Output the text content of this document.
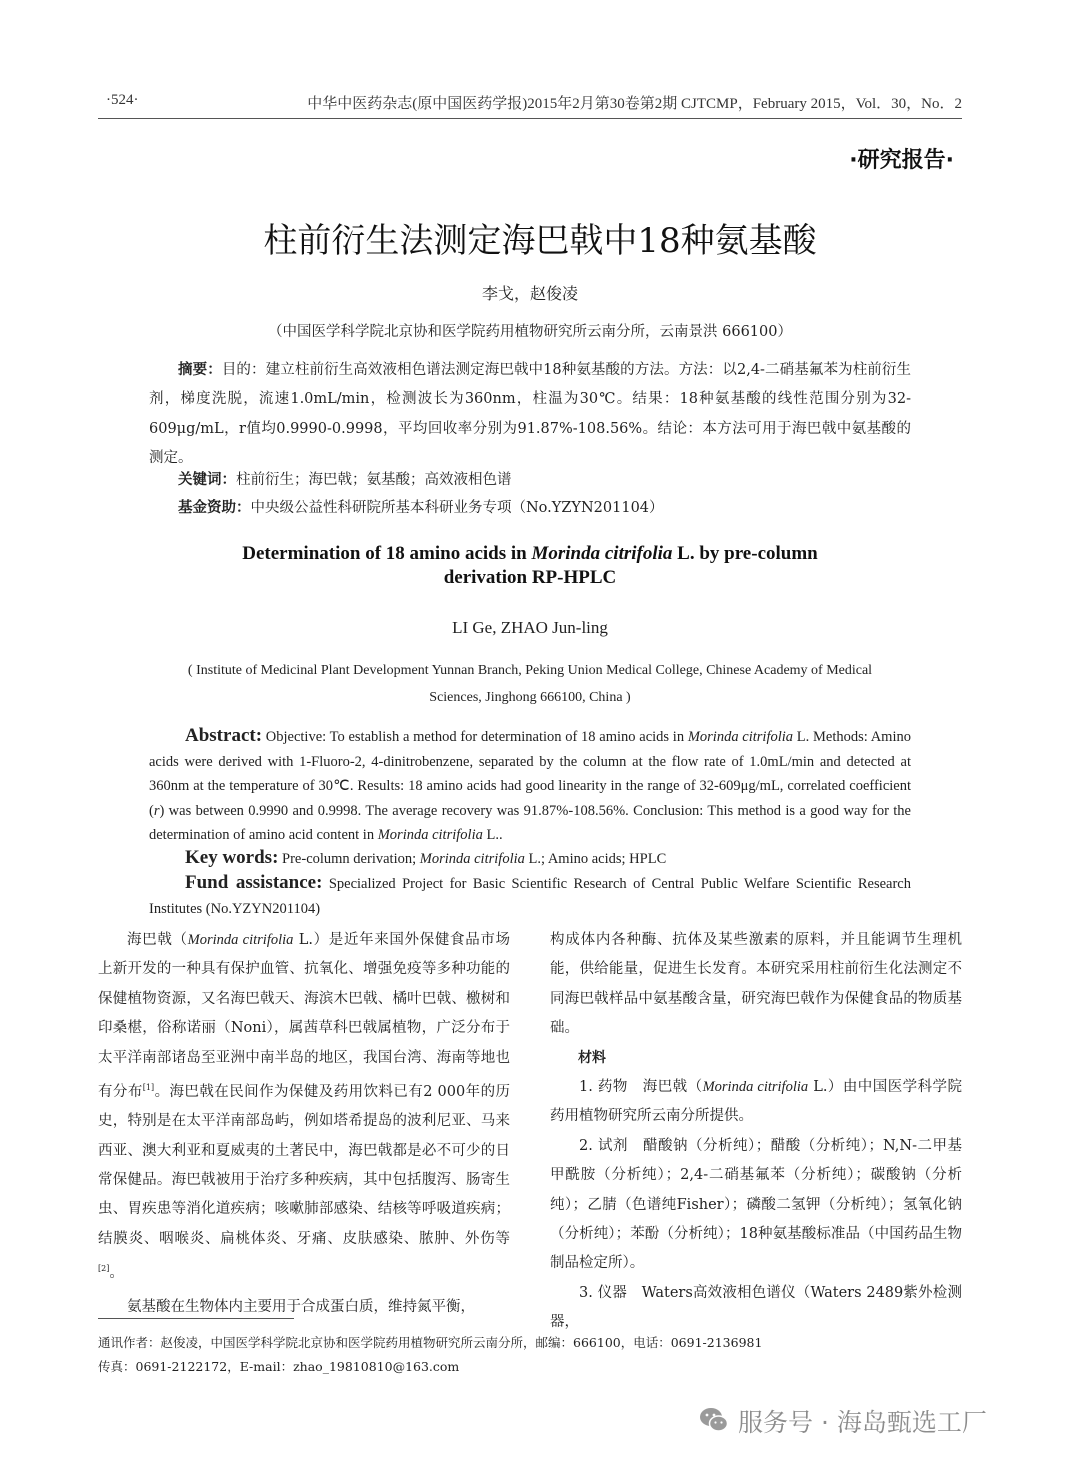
·524·	中华中医药杂志(原中国医药学报)2015年2月第30卷第2期 CJTCMP，February 2015，Vol．30，No．2
·研究报告·
柱前衍生法测定海巴戟中18种氨基酸
李戈，赵俊凌
（中国医学科学院北京协和医学院药用植物研究所云南分所，云南景洪 666100）

摘要：目的：建立柱前衍生高效液相色谱法测定海巴戟中18种氨基酸的方法。方法：以2,4-二硝基氟苯为柱前衍生剂，梯度洗脱，流速1.0mL/min，检测波长为360nm，柱温为30℃。结果：18种氨基酸的线性范围分别为32-609μg/mL，r值均0.9990-0.9998，平均回收率分别为91.87%-108.56%。结论：本方法可用于海巴戟中氨基酸的测定。

关键词：柱前衍生；海巴戟；氨基酸；高效液相色谱

基金资助：中央级公益性科研院所基本科研业务专项（No.YZYN201104）

Determination of 18 amino acids in Morinda citrifolia L. by pre-column
derivation RP-HPLC
LI Ge, ZHAO Jun-ling
( Institute of Medicinal Plant Development Yunnan Branch, Peking Union Medical College, Chinese Academy of Medical
Sciences, Jinghong 666100, China )
Abstract: Objective: To establish a method for determination of 18 amino acids in Morinda citrifolia L. Methods: Amino acids were derived with 1-Fluoro-2, 4-dinitrobenzene, separated by the column at the flow rate of 1.0mL/min and detected at 360nm at the temperature of 30℃. Results: 18 amino acids had good linearity in the range of 32-609μg/mL, correlated coefficient (r) was between 0.9990 and 0.9998. The average recovery was 91.87%-108.56%. Conclusion: This method is a good way for the determination of amino acid content in Morinda citrifolia L..
Key words: Pre-column derivation; Morinda citrifolia L.; Amino acids; HPLC
Fund assistance: Specialized Project for Basic Scientific Research of Central Public Welfare Scientific Research Institutes (No.YZYN201104)

海巴戟（Morinda citrifolia L.）是近年来国外保健食品市场上新开发的一种具有保护血管、抗氧化、增强免疫等多种功能的保健植物资源，又名海巴戟天、海滨木巴戟、橘叶巴戟、檄树和印桑椹，俗称诺丽（Noni），属茜草科巴戟属植物，广泛分布于太平洋南部诸岛至亚洲中南半岛的地区，我国台湾、海南等地也有分布[1]。海巴戟在民间作为保健及药用饮料已有2 000年的历史，特别是在太平洋南部岛屿，例如塔希提岛的波利尼亚、马来西亚、澳大利亚和夏威夷的土著民中，海巴戟都是必不可少的日常保健品。海巴戟被用于治疗多种疾病，其中包括腹泻、肠寄生虫、胃疾患等消化道疾病；咳嗽肺部感染、结核等呼吸道疾病；结膜炎、咽喉炎、扁桃体炎、牙痛、皮肤感染、脓肿、外伤等[2]。

氨基酸在生物体内主要用于合成蛋白质，维持氮平衡，

构成体内各种酶、抗体及某些激素的原料，并且能调节生理机能，供给能量，促进生长发育。本研究采用柱前衍生化法测定不同海巴戟样品中氨基酸含量，研究海巴戟作为保健食品的物质基础。

材料

1. 药物　海巴戟（Morinda citrifolia L.）由中国医学科学院药用植物研究所云南分所提供。

2. 试剂　醋酸钠（分析纯）；醋酸（分析纯）；N,N-二甲基甲酰胺（分析纯）；2,4-二硝基氟苯（分析纯）；碳酸钠（分析纯）；乙腈（色谱纯Fisher）；磷酸二氢钾（分析纯）；氢氧化钠（分析纯）；苯酚（分析纯）；18种氨基酸标准品（中国药品生物制品检定所）。

3. 仪器　Waters高效液相色谱仪（Waters 2489紫外检测器，

通讯作者：赵俊凌，中国医学科学院北京协和医学院药用植物研究所云南分所，邮编：666100，电话：0691-2136981
传真：0691-2122172，E-mail：zhao_19810810@163.com
服务号 · 海岛甄选工厂
